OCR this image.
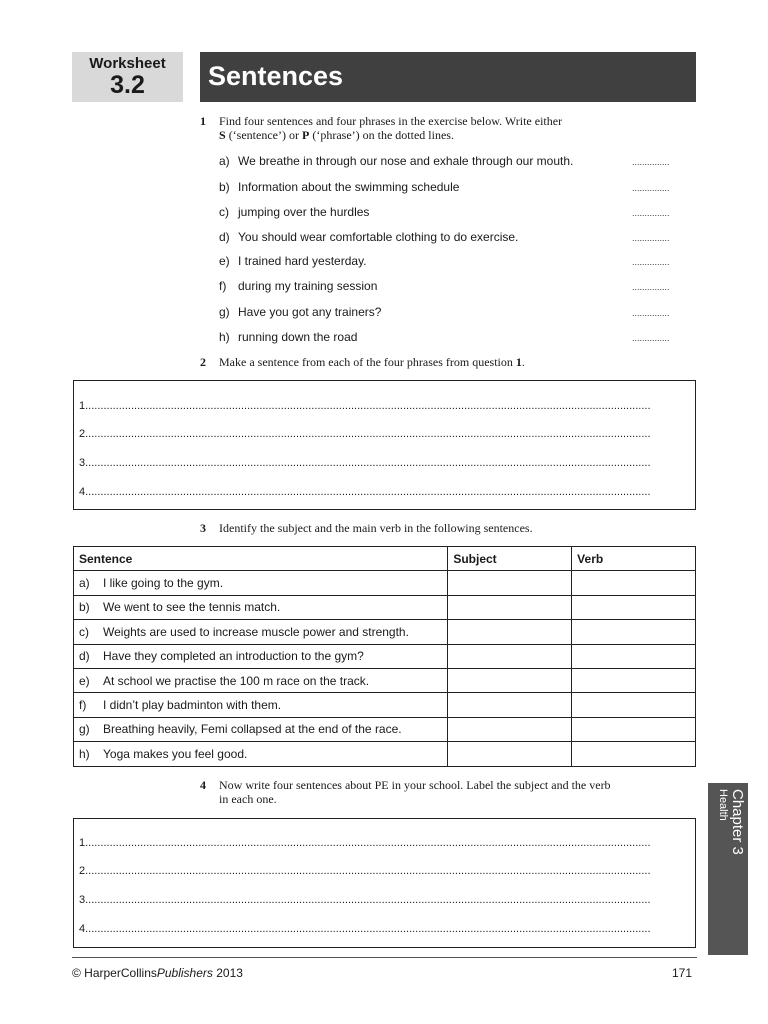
Worksheet
3.2	Sentences
1 Find four sentences and four phrases in the exercise below. Write either
S (‘sentence’) or P (‘phrase’) on the dotted lines.
a) We breathe in through our nose and exhale through our mouth.	...............
b) Information about the swimming schedule	...............
c) jumping over the hurdles	...............
d) You should wear comfortable clothing to do exercise.	...............
e) I trained hard yesterday.	...............
f) during my training session	...............
g) Have you got any trainers?	...............
h) running down the road	...............
2 Make a sentence from each of the four phrases from question 1.
1.........................................................................................................................................................................................
2.........................................................................................................................................................................................
3.........................................................................................................................................................................................
4.........................................................................................................................................................................................
3 Identify the subject and the main verb in the following sentences.
Sentence	Subject	Verb
a) I like going to the gym.		
b) We went to see the tennis match.		
c) Weights are used to increase muscle power and strength.		
d) Have they completed an introduction to the gym?		
e) At school we practise the 100 m race on the track.		
f) I didn’t play badminton with them.		
g) Breathing heavily, Femi collapsed at the end of the race.		
h) Yoga makes you feel good.		
4 Now write four sentences about PE in your school. Label the subject and the verb
in each one.
1.........................................................................................................................................................................................
2.........................................................................................................................................................................................
3.........................................................................................................................................................................................
4.........................................................................................................................................................................................
Chapter 3
Health
© HarperCollinsPublishers 2013	171
